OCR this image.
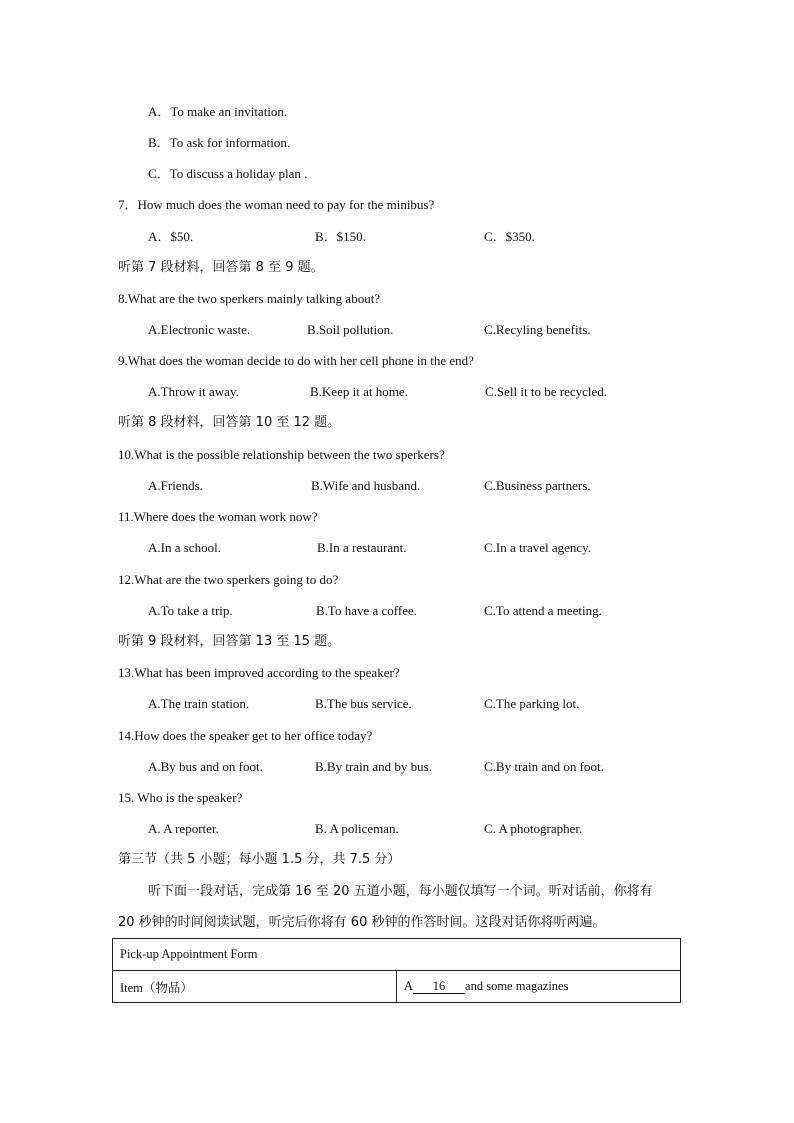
A．To make an invitation.
B．To ask for information.
C．To discuss a holiday plan .
7．How much does the woman need to pay for the minibus?
A．$50.	B．$150.	C．$350.
听第 7 段材料，回答第 8 至 9 题。
8.What are the two sperkers mainly talking about?
A.Electronic waste.	B.Soil pollution.	C.Recyling benefits.
9.What does the woman decide to do with her cell phone in the end?
A.Throw it away.	B.Keep it at home.	C.Sell it to be recycled.
听第 8 段材料，回答第 10 至 12 题。
10.What is the possible relationship between the two sperkers?
A.Friends.	B.Wife and husband.	C.Business partners.
11.Where does the woman work now?
A.In a school.	B.In a restaurant.	C.In a travel agency.
12.What are the two sperkers going to do?
A.To take a trip.	B.To have a coffee.	C.To attend a meeting.
听第 9 段材料，回答第 13 至 15 题。
13.What has been improved according to the speaker?
A.The train station.	B.The bus service.	C.The parking lot.
14.How does the speaker get to her office today?
A.By bus and on foot.	B.By train and by bus.	C.By train and on foot.
15. Who is the speaker?
A. A reporter.	B. A policeman.	C. A photographer.
第三节（共 5 小题；每小题 1.5 分，共 7.5 分）
听下面一段对话，完成第 16 至 20 五道小题，每小题仅填写一个词。听对话前，你将有
20 秒钟的时间阅读试题，听完后你将有 60 秒钟的作答时间。这段对话你将听两遍。
Pick-up Appointment Form
Item（物品）	A 16 and some magazines
